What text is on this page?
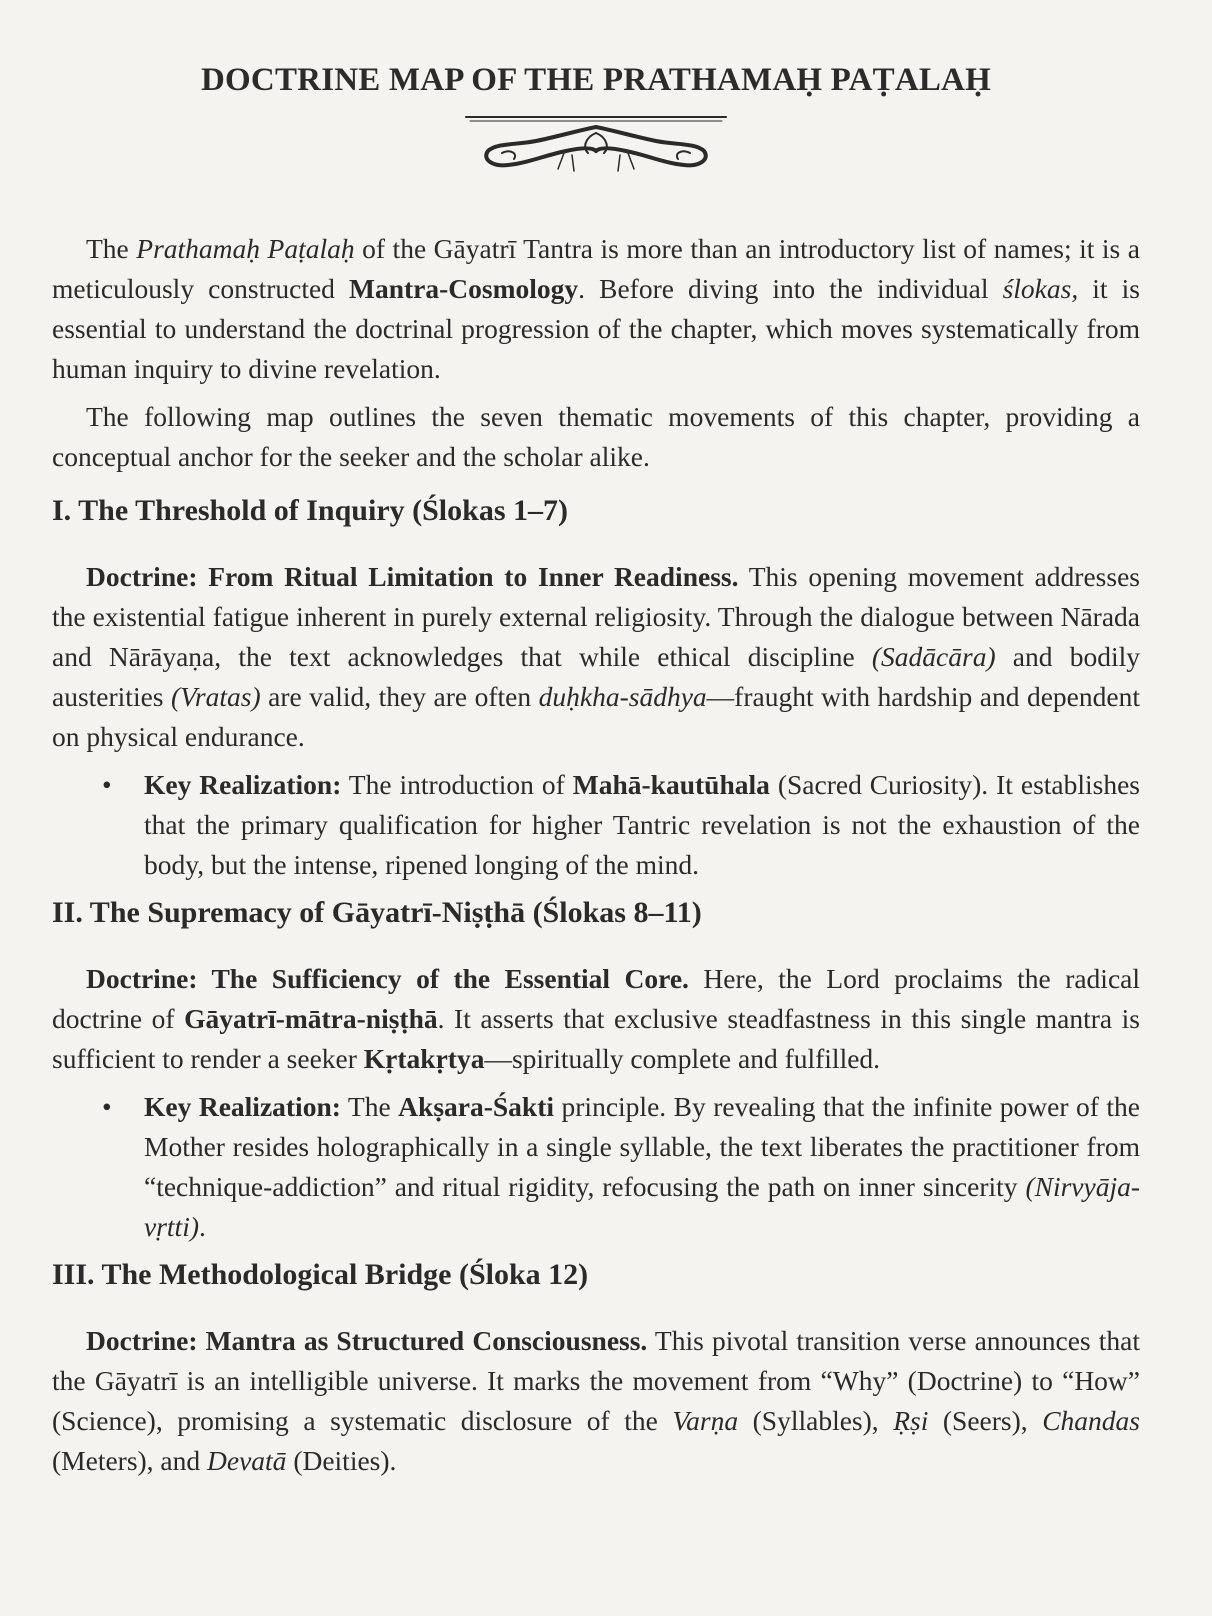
DOCTRINE MAP OF THE PRATHAMAḤ PAṬALAḤ

The Prathamaḥ Paṭalaḥ of the Gāyatrī Tantra is more than an introductory list of names; it is a meticulously constructed Mantra-Cosmology. Before diving into the individual ślokas, it is essential to understand the doctrinal progression of the chapter, which moves systematically from human inquiry to divine revelation.

The following map outlines the seven thematic movements of this chapter, providing a conceptual anchor for the seeker and the scholar alike.

I. The Threshold of Inquiry (Ślokas 1–7)

Doctrine: From Ritual Limitation to Inner Readiness. This opening movement addresses the existential fatigue inherent in purely external religiosity. Through the dialogue between Nārada and Nārāyaṇa, the text acknowledges that while ethical discipline (Sadācāra) and bodily austerities (Vratas) are valid, they are often duḥkha-sādhya—fraught with hardship and dependent on physical endurance.

• Key Realization: The introduction of Mahā-kautūhala (Sacred Curiosity). It establishes that the primary qualification for higher Tantric revelation is not the exhaustion of the body, but the intense, ripened longing of the mind.
II. The Supremacy of Gāyatrī-Niṣṭhā (Ślokas 8–11)

Doctrine: The Sufficiency of the Essential Core. Here, the Lord proclaims the radical doctrine of Gāyatrī-mātra-niṣṭhā. It asserts that exclusive steadfastness in this single mantra is sufficient to render a seeker Kṛtakṛtya—spiritually complete and fulfilled.

• Key Realization: The Akṣara-Śakti principle. By revealing that the infinite power of the Mother resides holographically in a single syllable, the text liberates the practitioner from “technique-addiction” and ritual rigidity, refocusing the path on inner sincerity (Nirvyāja-vṛtti).
III. The Methodological Bridge (Śloka 12)

Doctrine: Mantra as Structured Consciousness. This pivotal transition verse announces that the Gāyatrī is an intelligible universe. It marks the movement from “Why” (Doctrine) to “How” (Science), promising a systematic disclosure of the Varṇa (Syllables), Ṛṣi (Seers), Chandas (Meters), and Devatā (Deities).
